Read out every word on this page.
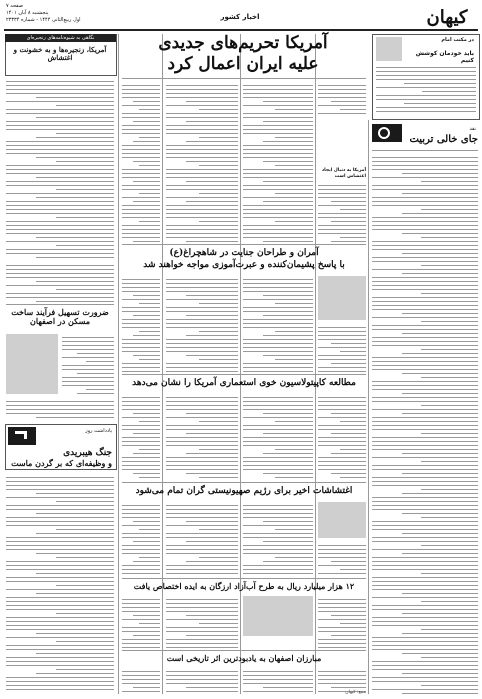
کیهان
اخبار کشور
صفحه ۷
پنجشنبه ۸ آبان ۱۴۰۱
اول ربیع‌الثانی ۱۴۴۴ - شماره ۲۳۳۳۴
نگاهی به شیوه‌نامه‌های زنجیره‌ای
آمریکا، زنجیره‌ها و به خشونت و اغتشاش
آمریکا تحریم‌های جدیدی
علیه ایران اعمال کرد
در مکتب امام
باید خودمان کوشش کنیم
نقد
جای خالی تربیت
آمریکا به دنبال ایجاد اغتشاش است
آمران و طراحان جنایت در شاهچراغ(ع)
با پاسخ پشیمان‌کننده و عبرت‌آموزی مواجه خواهند شد
ضرورت تسهیل فرآیند ساخت مسکن در اصفهان
مطالعه کاپیتولاسیون خوی استعماری آمریکا را نشان می‌دهد
یادداشت روز
جنگ هیبریدی
و وظیفه‌ای که بر گردن ماست
اغتشاشات اخیر برای رژیم صهیونیستی گران تمام می‌شود
۱۲ هزار میلیارد ریال به طرح آب‌آزاد ارزگان به ایده اختصاص یافت
مبارزان اصفهان به یادبودترین اثر تاریخی است
منبع: کیهان
